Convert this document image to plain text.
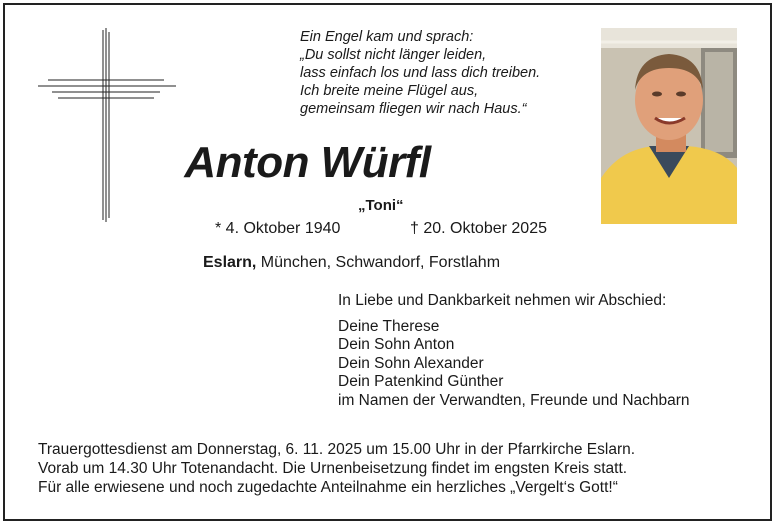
Ein Engel kam und sprach:
„Du sollst nicht länger leiden,
lass einfach los und lass dich treiben.
Ich breite meine Flügel aus,
gemeinsam fliegen wir nach Haus.“
Anton Würfl
„Toni“
* 4. Oktober 1940	† 20. Oktober 2025
Eslarn, München, Schwandorf, Forstlahm
In Liebe und Dankbarkeit nehmen wir Abschied:
Deine Therese
Dein Sohn Anton
Dein Sohn Alexander
Dein Patenkind Günther
im Namen der Verwandten, Freunde und Nachbarn
Trauergottesdienst am Donnerstag, 6. 11. 2025 um 15.00 Uhr in der Pfarrkirche Eslarn.
Vorab um 14.30 Uhr Totenandacht. Die Urnenbeisetzung findet im engsten Kreis statt.
Für alle erwiesene und noch zugedachte Anteilnahme ein herzliches „Vergelt‘s Gott!“
